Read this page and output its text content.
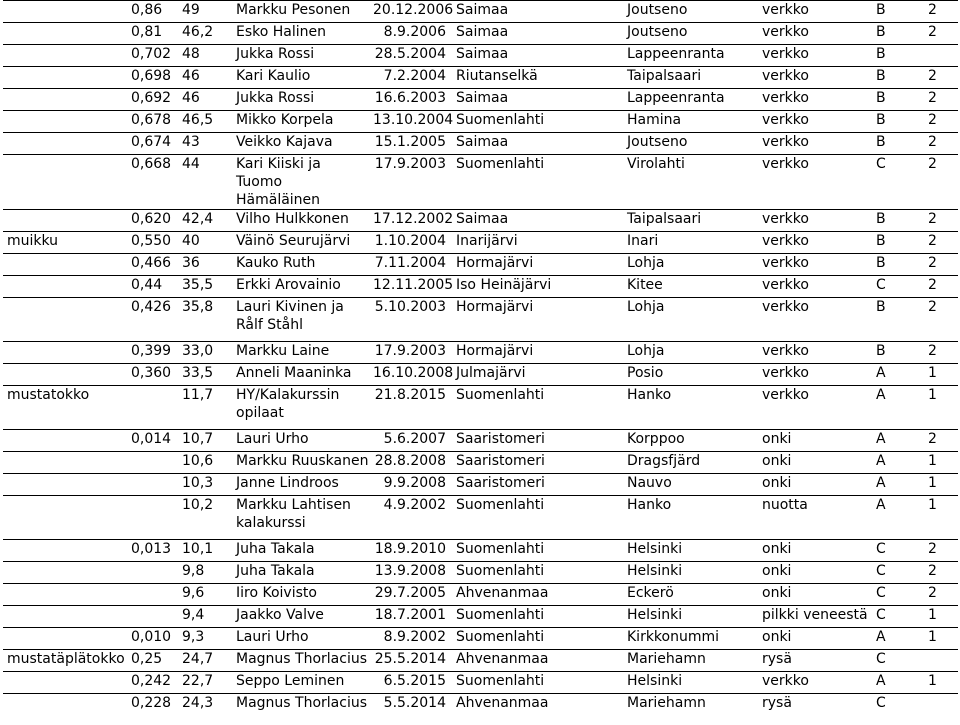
	0,86	49	Markku Pesonen	20.12.2006	Saimaa	Joutseno	verkko	B	2
	0,81	46,2	Esko Halinen	8.9.2006	Saimaa	Joutseno	verkko	B	2
	0,702	48	Jukka Rossi	28.5.2004	Saimaa	Lappeenranta	verkko	B	
	0,698	46	Kari Kaulio	7.2.2004	Riutanselkä	Taipalsaari	verkko	B	2
	0,692	46	Jukka Rossi	16.6.2003	Saimaa	Lappeenranta	verkko	B	2
	0,678	46,5	Mikko Korpela	13.10.2004	Suomenlahti	Hamina	verkko	B	2
	0,674	43	Veikko Kajava	15.1.2005	Saimaa	Joutseno	verkko	B	2
	0,668	44	Kari Kiiski ja Tuomo Hämäläinen	17.9.2003	Suomenlahti	Virolahti	verkko	C	2
	0,620	42,4	Vilho Hulkkonen	17.12.2002	Saimaa	Taipalsaari	verkko	B	2
muikku	0,550	40	Väinö Seurujärvi	1.10.2004	Inarijärvi	Inari	verkko	B	2
	0,466	36	Kauko Ruth	7.11.2004	Hormajärvi	Lohja	verkko	B	2
	0,44	35,5	Erkki Arovainio	12.11.2005	Iso Heinäjärvi	Kitee	verkko	C	2
	0,426	35,8	Lauri Kivinen ja Rålf Ståhl	5.10.2003	Hormajärvi	Lohja	verkko	B	2
	0,399	33,0	Markku Laine	17.9.2003	Hormajärvi	Lohja	verkko	B	2
	0,360	33,5	Anneli Maaninka	16.10.2008	Julmajärvi	Posio	verkko	A	1
mustatokko		11,7	HY/Kalakurssin opilaat	21.8.2015	Suomenlahti	Hanko	verkko	A	1
	0,014	10,7	Lauri Urho	5.6.2007	Saaristomeri	Korppoo	onki	A	2
		10,6	Markku Ruuskanen	28.8.2008	Saaristomeri	Dragsfjärd	onki	A	1
		10,3	Janne Lindroos	9.9.2008	Saaristomeri	Nauvo	onki	A	1
		10,2	Markku Lahtisen kalakurssi	4.9.2002	Suomenlahti	Hanko	nuotta	A	1
	0,013	10,1	Juha Takala	18.9.2010	Suomenlahti	Helsinki	onki	C	2
		9,8	Juha Takala	13.9.2008	Suomenlahti	Helsinki	onki	C	2
		9,6	Iiro Koivisto	29.7.2005	Ahvenanmaa	Eckerö	onki	C	2
		9,4	Jaakko Valve	18.7.2001	Suomenlahti	Helsinki	pilkki veneestä	C	1
	0,010	9,3	Lauri Urho	8.9.2002	Suomenlahti	Kirkkonummi	onki	A	1
mustatäplätokko	0,25	24,7	Magnus Thorlacius	25.5.2014	Ahvenanmaa	Mariehamn	rysä	C	
	0,242	22,7	Seppo Leminen	6.5.2015	Suomenlahti	Helsinki	verkko	A	1
	0,228	24,3	Magnus Thorlacius	5.5.2014	Ahvenanmaa	Mariehamn	rysä	C	
